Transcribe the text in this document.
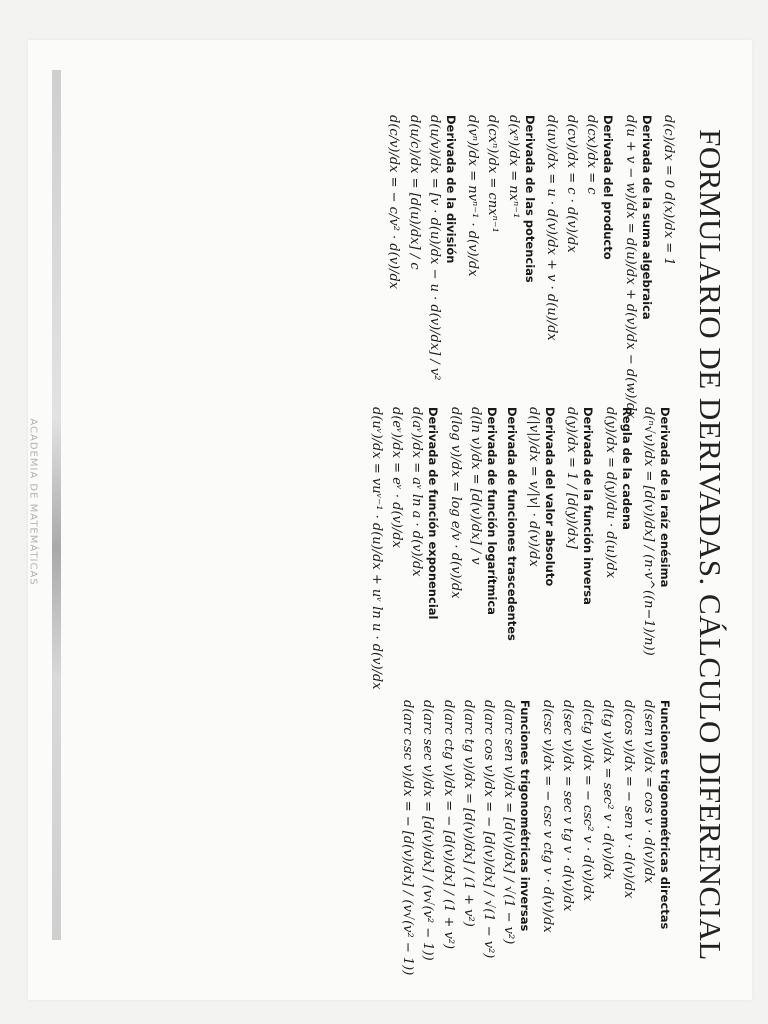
ACADEMIA DE MATEMÁTICAS	FORMULARIO DE DERIVADAS. CÁLCULO DIFERENCIAL
d(c)/dx = 0 d(x)/dx = 1
Derivada de la suma algebraica
d(u + v − w)/dx = d(u)/dx + d(v)/dx − d(w)/dx
Derivada del producto
d(cx)/dx = c
d(cv)/dx = c · d(v)/dx
d(uv)/dx = u · d(v)/dx + v · d(u)/dx
Derivada de las potencias
d(xⁿ)/dx = nxⁿ⁻¹
d(cxⁿ)/dx = cnxⁿ⁻¹
d(vⁿ)/dx = nvⁿ⁻¹ · d(v)/dx
Derivada de la división
d(u/v)/dx = [v · d(u)/dx − u · d(v)/dx] / v²
d(u/c)/dx = [d(u)/dx] / c
d(c/v)/dx = − c/v² · d(v)/dx
Derivada de la raíz enésima
d(ⁿ√v)/dx = [d(v)/dx] / (n·v^((n−1)/n))
Regla de la cadena
d(y)/dx = d(y)/du · d(u)/dx
Derivada de la función inversa
d(y)/dx = 1 / [d(y)/dx]
Derivada del valor absoluto
d(|v|)/dx = v/|v| · d(v)/dx
Derivada de funciones trascedentes
Derivada de función logarítmica
d(ln v)/dx = [d(v)/dx] / v
d(log v)/dx = log e/v · d(v)/dx
Derivada de función exponencial
d(aᵛ)/dx = aᵛ ln a · d(v)/dx
d(eᵛ)/dx = eᵛ · d(v)/dx
d(uᵛ)/dx = vuᵛ⁻¹ · d(u)/dx + uᵛ ln u · d(v)/dx
Funciones trigonométricas directas
d(sen v)/dx = cos v · d(v)/dx
d(cos v)/dx = − sen v · d(v)/dx
d(tg v)/dx = sec² v · d(v)/dx
d(ctg v)/dx = − csc² v · d(v)/dx
d(sec v)/dx = sec v tg v · d(v)/dx
d(csc v)/dx = − csc v ctg v · d(v)/dx
Funciones trigonométricas inversas
d(arc sen v)/dx = [d(v)/dx] / √(1 − v²)
d(arc cos v)/dx = − [d(v)/dx] / √(1 − v²)
d(arc tg v)/dx = [d(v)/dx] / (1 + v²)
d(arc ctg v)/dx = − [d(v)/dx] / (1 + v²)
d(arc sec v)/dx = [d(v)/dx] / (v√(v² − 1))
d(arc csc v)/dx = − [d(v)/dx] / (v√(v² − 1))
